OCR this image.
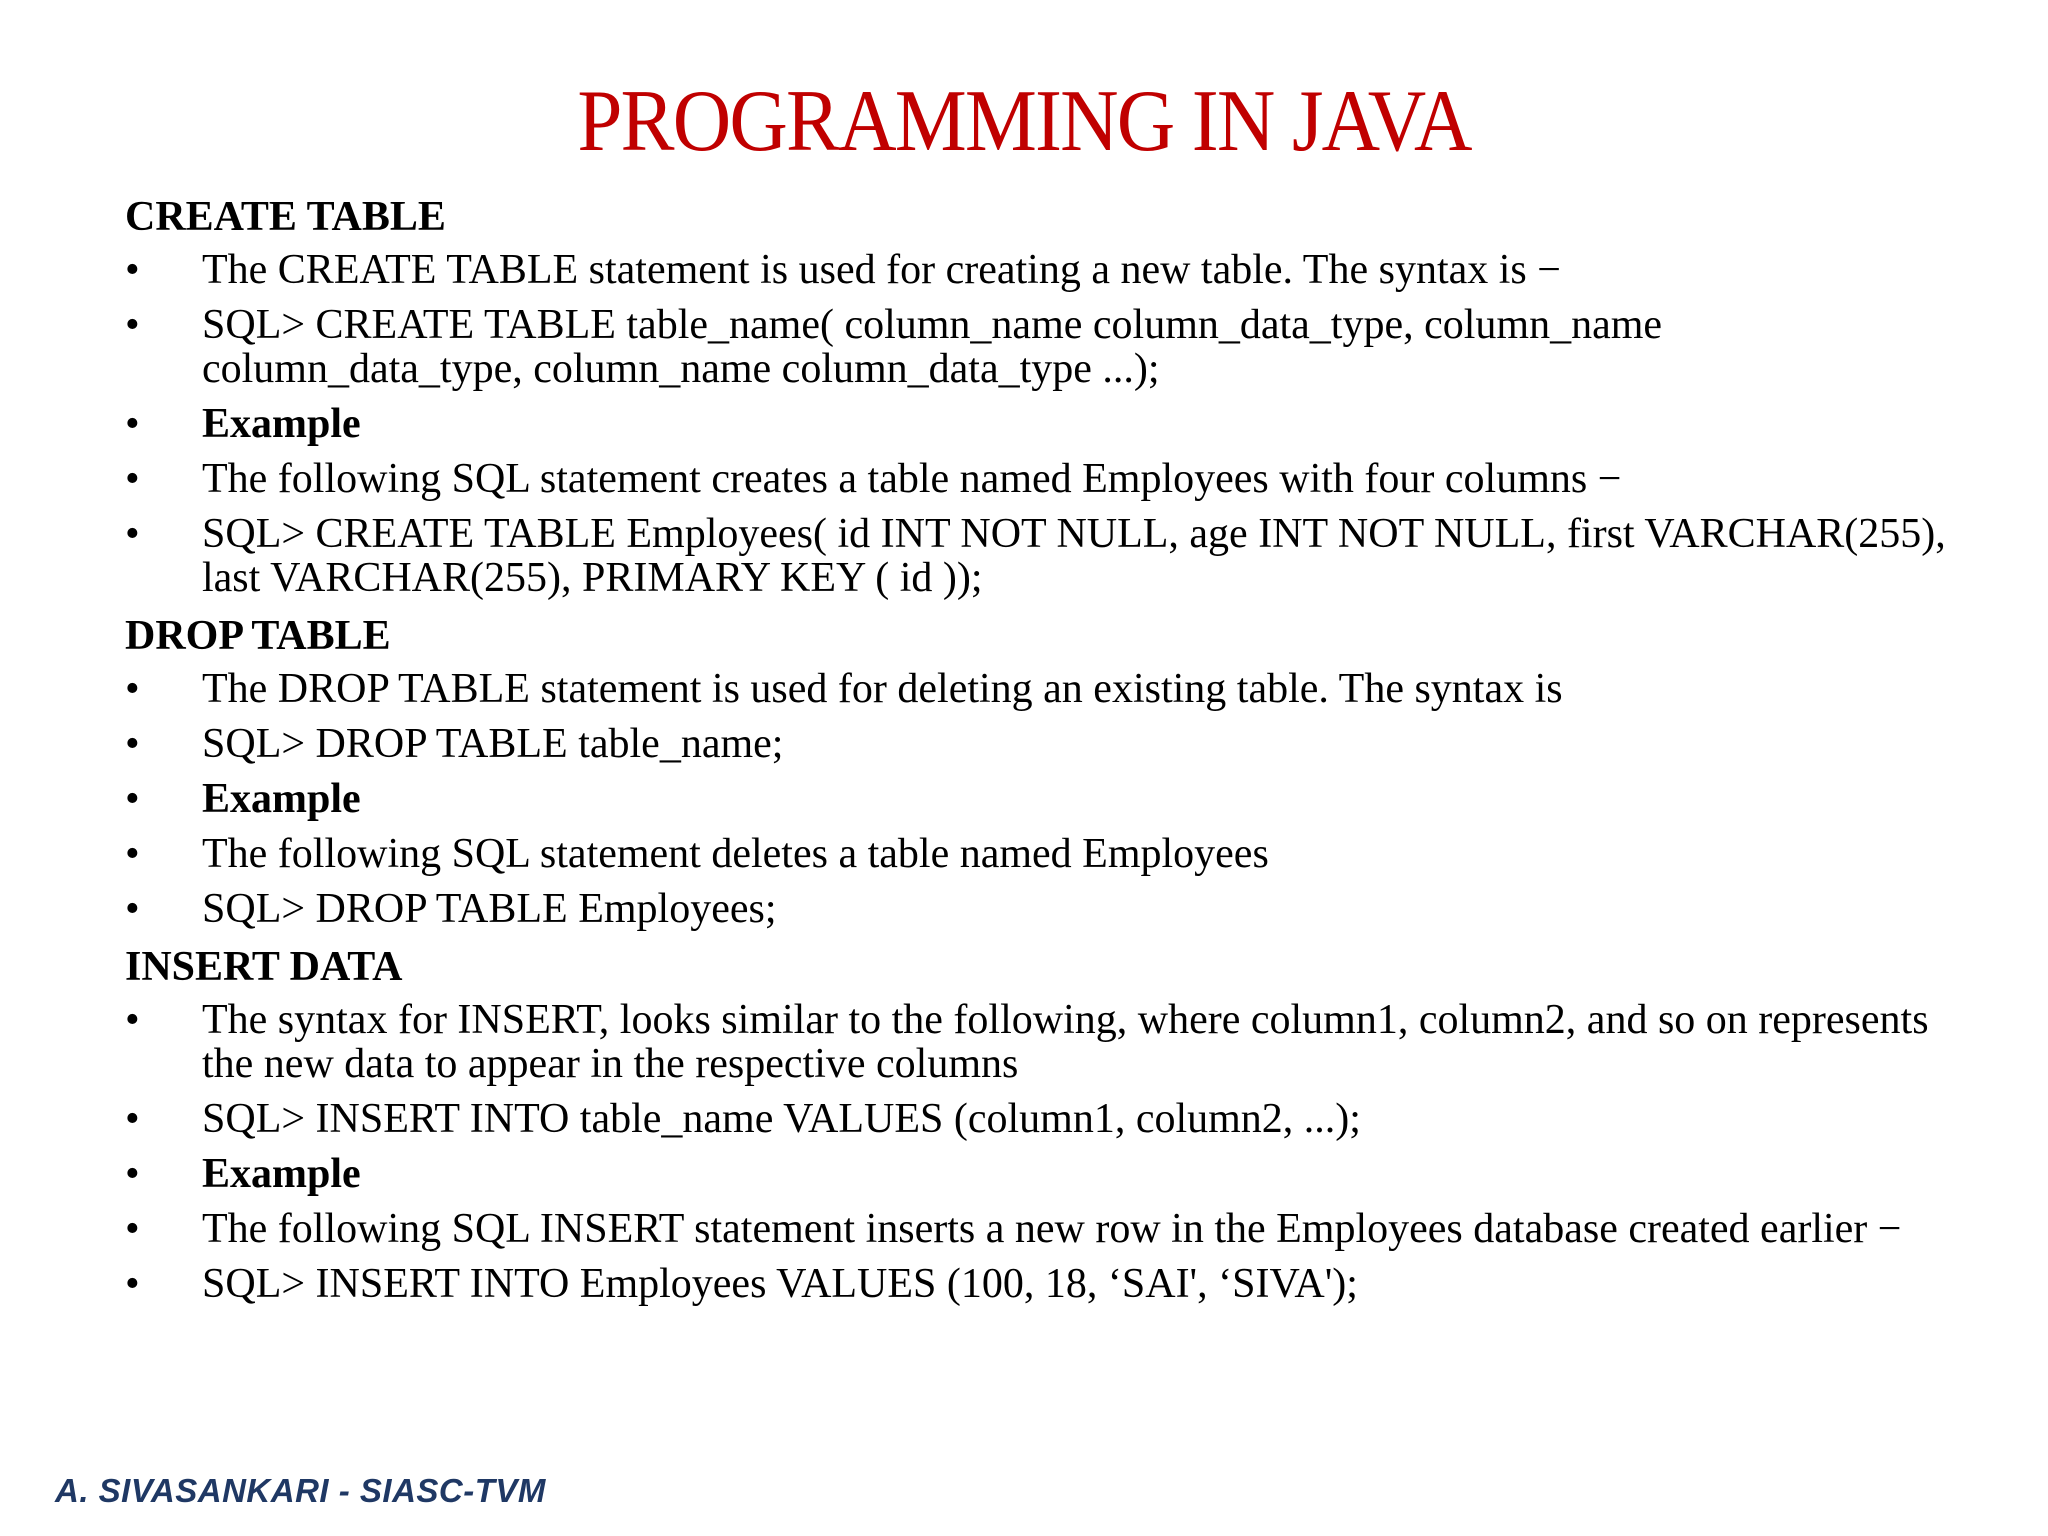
PROGRAMMING IN JAVA
CREATE TABLE
•	The CREATE TABLE statement is used for creating a new table. The syntax is −
•	SQL> CREATE TABLE table_name( column_name column_data_type, column_name column_data_type, column_name column_data_type ...);
•	Example
•	The following SQL statement creates a table named Employees with four columns −
•	SQL> CREATE TABLE Employees( id INT NOT NULL, age INT NOT NULL, first VARCHAR(255), last VARCHAR(255), PRIMARY KEY ( id ));
DROP TABLE
•	The DROP TABLE statement is used for deleting an existing table. The syntax is
•	SQL> DROP TABLE table_name;
•	Example
•	The following SQL statement deletes a table named Employees
•	SQL> DROP TABLE Employees;
INSERT DATA
•	The syntax for INSERT, looks similar to the following, where column1, column2, and so on represents the new data to appear in the respective columns
•	SQL> INSERT INTO table_name VALUES (column1, column2, ...);
•	Example
•	The following SQL INSERT statement inserts a new row in the Employees database created earlier −
•	SQL> INSERT INTO Employees VALUES (100, 18, ‘SAI', ‘SIVA');
A. SIVASANKARI - SIASC-TVM
